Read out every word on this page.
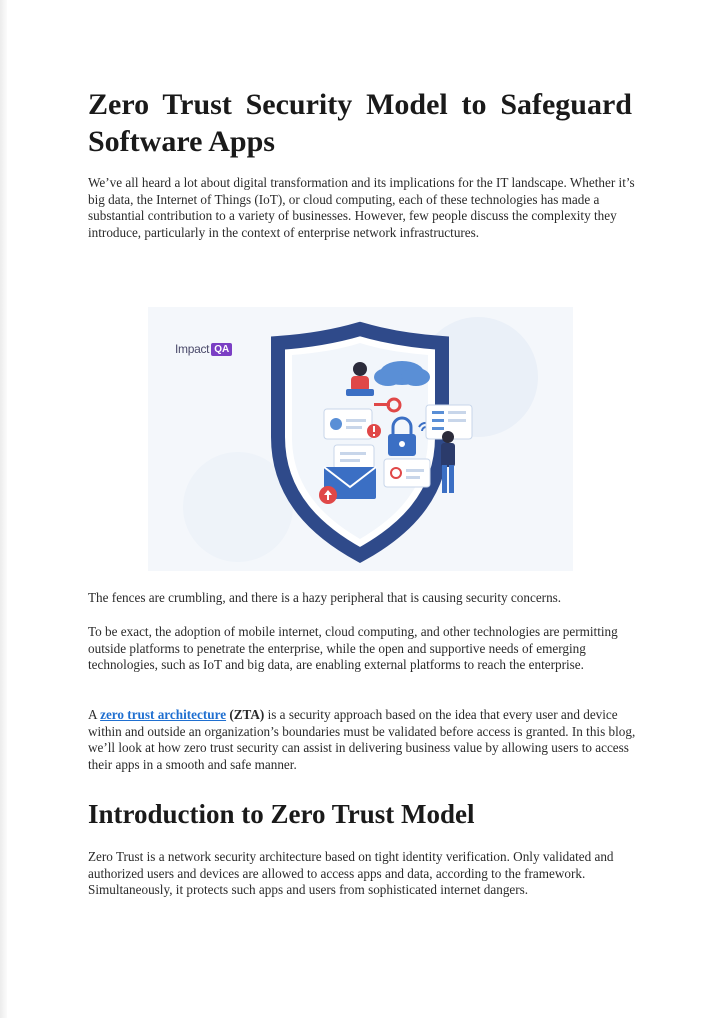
Zero Trust Security Model to Safeguard Software Apps

We’ve all heard a lot about digital transformation and its implications for the IT landscape. Whether it’s big data, the Internet of Things (IoT), or cloud computing, each of these technologies has made a substantial contribution to a variety of businesses. However, few people discuss the complexity they introduce, particularly in the context of enterprise network infrastructures.

Impact QA

The fences are crumbling, and there is a hazy peripheral that is causing security concerns.

To be exact, the adoption of mobile internet, cloud computing, and other technologies are permitting outside platforms to penetrate the enterprise, while the open and supportive needs of emerging technologies, such as IoT and big data, are enabling external platforms to reach the enterprise.

A zero trust architecture (ZTA) is a security approach based on the idea that every user and device within and outside an organization’s boundaries must be validated before access is granted. In this blog, we’ll look at how zero trust security can assist in delivering business value by allowing users to access their apps in a smooth and safe manner.

Introduction to Zero Trust Model

Zero Trust is a network security architecture based on tight identity verification. Only validated and authorized users and devices are allowed to access apps and data, according to the framework. Simultaneously, it protects such apps and users from sophisticated internet dangers.
